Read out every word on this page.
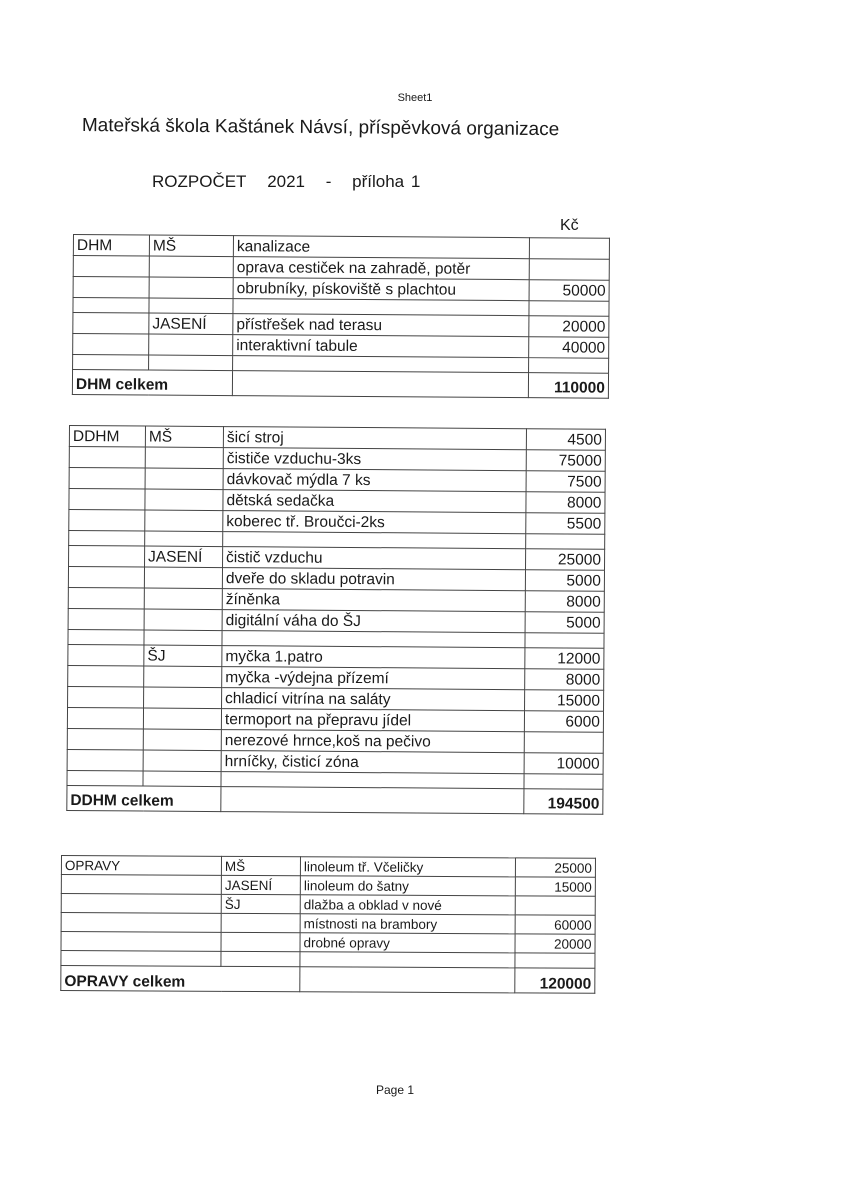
Sheet1
Mateřská škola Kaštánek Návsí, příspěvková organizace
ROZPOČET 2021 - příloha 1
Kč
DHM	MŠ	kanalizace	
		oprava cestiček na zahradě, potěr	
		obrubníky, pískoviště s plachtou	50000

	JASENÍ	přístřešek nad terasu	20000
		interaktivní tabule	40000

DHM celkem			110000
DDHM	MŠ	šicí stroj	4500
		čističe vzduchu-3ks	75000
		dávkovač mýdla 7 ks	7500
		dětská sedačka	8000
		koberec tř. Broučci-2ks	5500

	JASENÍ	čistič vzduchu	25000
		dveře do skladu potravin	5000
		žíněnka	8000
		digitální váha do ŠJ	5000

	ŠJ	myčka 1.patro	12000
		myčka -výdejna přízemí	8000
		chladicí vitrína na saláty	15000
		termoport na přepravu jídel	6000
		nerezové hrnce,koš na pečivo	
		hrníčky, čisticí zóna	10000

DDHM celkem			194500
OPRAVY	MŠ	linoleum tř. Včeličky	25000
	JASENÍ	linoleum do šatny	15000
	ŠJ	dlažba a obklad v nové	
		místnosti na brambory	60000
		drobné opravy	20000

OPRAVY celkem			120000
Page 1
